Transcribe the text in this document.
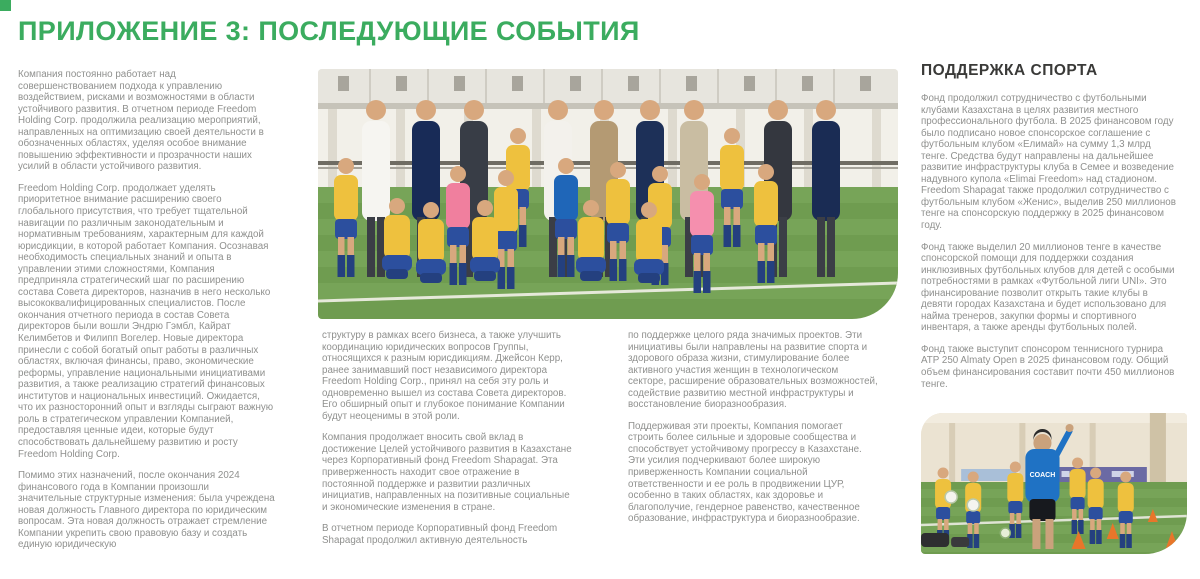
ПРИЛОЖЕНИЕ 3: ПОСЛЕДУЮЩИЕ СОБЫТИЯ

Компания постоянно работает над совершенствованием подхода к управлению воздействием, рисками и возможностями в области устойчивого развития. В отчетном периоде Freedom Holding Corp. продолжила реализацию мероприятий, направленных на оптимизацию своей деятельности в обозначенных областях, уделяя особое внимание повышению эффективности и прозрачности наших усилий в области устойчивого развития.

Freedom Holding Corp. продолжает уделять приоритетное внимание расширению своего глобального присутствия, что требует тщательной навигации по различным законодательным и нормативным требованиям, характерным для каждой юрисдикции, в которой работает Компания. Осознавая необходимость специальных знаний и опыта в управлении этими сложностями, Компания предприняла стратегический шаг по расширению состава Совета директоров, назначив в него несколько высококвалифицированных специалистов. После окончания отчетного периода в состав Совета директоров были вошли Эндрю Гэмбл, Кайрат Келимбетов и Филипп Вогелер. Новые директора принесли с собой богатый опыт работы в различных областях, включая финансы, право, экономические реформы, управление национальными инициативами развития, а также реализацию стратегий финансовых институтов и национальных инвестиций. Ожидается, что их разносторонний опыт и взгляды сыграют важную роль в стратегическом управлении Компанией, предоставляя ценные идеи, которые будут способствовать дальнейшему развитию и росту Freedom Holding Corp.

Помимо этих назначений, после окончания 2024 финансового года в Компании произошли значительные структурные изменения: была учреждена новая должность Главного директора по юридическим вопросам. Эта новая должность отражает стремление Компании укрепить свою правовую базу и создать единую юридическую

структуру в рамках всего бизнеса, а также улучшить координацию юридических вопросов Группы, относящихся к разным юрисдикциям. Джейсон Керр, ранее занимавший пост независимого директора Freedom Holding Corp., принял на себя эту роль и одновременно вышел из состава Совета директоров. Его обширный опыт и глубокое понимание Компании будут неоценимы в этой роли.

Компания продолжает вносить свой вклад в достижение Целей устойчивого развития в Казахстане через Корпоративный фонд Freedom Shapagat. Эта приверженность находит свое отражение в постоянной поддержке и развитии различных инициатив, направленных на позитивные социальные и экономические изменения в стране.

В отчетном периоде Корпоративный фонд Freedom Shapagat продолжил активную деятельность

по поддержке целого ряда значимых проектов. Эти инициативы были направлены на развитие спорта и здорового образа жизни, стимулирование более активного участия женщин в технологическом секторе, расширение образовательных возможностей, содействие развитию местной инфраструктуры и восстановление биоразнообразия.

Поддерживая эти проекты, Компания помогает строить более сильные и здоровые сообщества и способствует устойчивому прогрессу в Казахстане. Эти усилия подчеркивают более широкую приверженность Компании социальной ответственности и ее роль в продвижении ЦУР, особенно в таких областях, как здоровье и благополучие, гендерное равенство, качественное образование, инфраструктура и биоразнообразие.

ПОДДЕРЖКА СПОРТА

Фонд продолжил сотрудничество с футбольными клубами Казахстана в целях развития местного профессионального футбола. В 2025 финансовом году было подписано новое спонсорское соглашение с футбольным клубом «Елимай» на сумму 1,3 млрд тенге. Средства будут направлены на дальнейшее развитие инфраструктуры клуба в Семее и возведение надувного купола «Elimai Freedom» над стадионом. Freedom Shapagat также продолжил сотрудничество с футбольным клубом «Женис», выделив 250 миллионов тенге на спонсорскую поддержку в 2025 финансовом году.

Фонд также выделил 20 миллионов тенге в качестве спонсорской помощи для поддержки создания инклюзивных футбольных клубов для детей с особыми потребностями в рамках «Футбольной лиги UNI». Это финансирование позволит открыть такие клубы в девяти городах Казахстана и будет использовано для найма тренеров, закупки формы и спортивного инвентаря, а также аренды футбольных полей.

Фонд также выступит спонсором теннисного турнира ATP 250 Almaty Open в 2025 финансовом году. Общий объем финансирования составит почти 450 миллионов тенге.

COACH
